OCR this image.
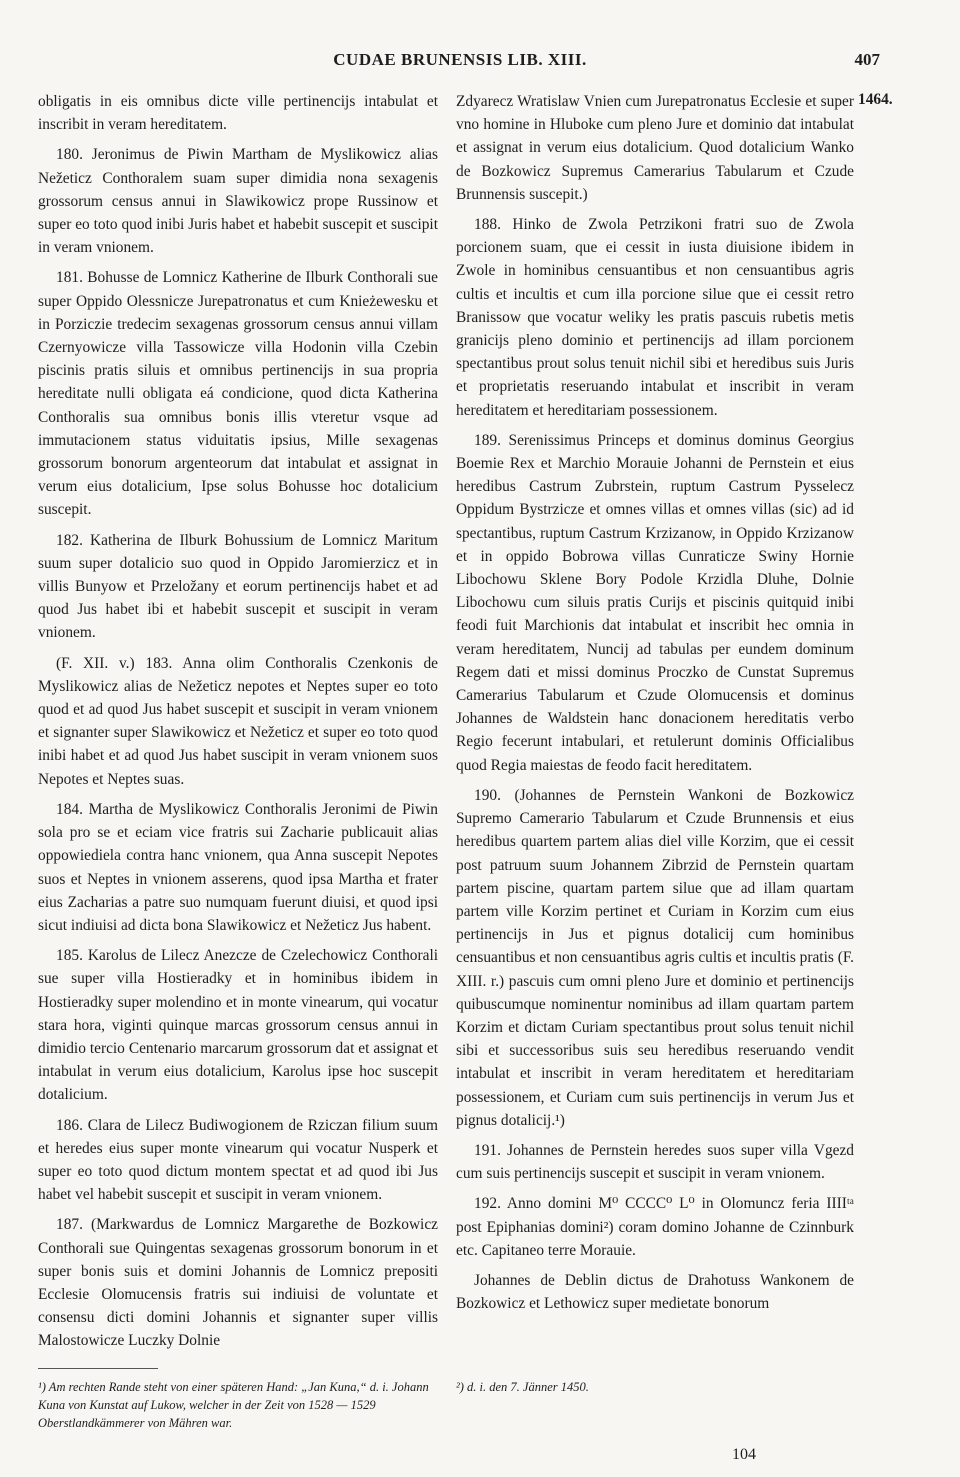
CUDAE BRUNENSIS LIB. XIII.	407
1464.

obligatis in eis omnibus dicte ville pertinencijs intabulat et inscribit in veram hereditatem.

180. Jeronimus de Piwin Martham de Myslikowicz alias Nežeticz Conthoralem suam super dimidia nona sexagenis grossorum census annui in Slawikowicz prope Russinow et super eo toto quod inibi Juris habet et habebit suscepit et suscipit in veram vnionem.

181. Bohusse de Lomnicz Katherine de Ilburk Conthorali sue super Oppido Olessnicze Jurepatronatus et cum Knieżewesku et in Porziczie tredecim sexagenas grossorum census annui villam Czernyowicze villa Tassowicze villa Hodonin villa Czebin piscinis pratis siluis et omnibus pertinencijs in sua propria hereditate nulli obligata eá condicione, quod dicta Katherina Conthoralis sua omnibus bonis illis vteretur vsque ad immutacionem status viduitatis ipsius, Mille sexagenas grossorum bonorum argenteorum dat intabulat et assignat in verum eius dotalicium, Ipse solus Bohusse hoc dotalicium suscepit.

182. Katherina de Ilburk Bohussium de Lomnicz Maritum suum super dotalicio suo quod in Oppido Jaromierzicz et in villis Bunyow et Przeložany et eorum pertinencijs habet et ad quod Jus habet ibi et habebit suscepit et suscipit in veram vnionem.

(F. XII. v.) 183. Anna olim Conthoralis Czenkonis de Myslikowicz alias de Nežeticz nepotes et Neptes super eo toto quod et ad quod Jus habet suscepit et suscipit in veram vnionem et signanter super Slawikowicz et Nežeticz et super eo toto quod inibi habet et ad quod Jus habet suscipit in veram vnionem suos Nepotes et Neptes suas.

184. Martha de Myslikowicz Conthoralis Jeronimi de Piwin sola pro se et eciam vice fratris sui Zacharie publicauit alias oppowiediela contra hanc vnionem, qua Anna suscepit Nepotes suos et Neptes in vnionem asserens, quod ipsa Martha et frater eius Zacharias a patre suo numquam fuerunt diuisi, et quod ipsi sicut indiuisi ad dicta bona Slawikowicz et Nežeticz Jus habent.

185. Karolus de Lilecz Anezcze de Czelechowicz Conthorali sue super villa Hostieradky et in hominibus ibidem in Hostieradky super molendino et in monte vinearum, qui vocatur stara hora, viginti quinque marcas grossorum census annui in dimidio tercio Centenario marcarum grossorum dat et assignat et intabulat in verum eius dotalicium, Karolus ipse hoc suscepit dotalicium.

186. Clara de Lilecz Budiwogionem de Rziczan filium suum et heredes eius super monte vinearum qui vocatur Nusperk et super eo toto quod dictum montem spectat et ad quod ibi Jus habet vel habebit suscepit et suscipit in veram vnionem.

187. (Markwardus de Lomnicz Margarethe de Bozkowicz Conthorali sue Quingentas sexagenas grossorum bonorum in et super bonis suis et domini Johannis de Lomnicz prepositi Ecclesie Olomucensis fratris sui indiuisi de voluntate et consensu dicti domini Johannis et signanter super villis Malostowicze Luczky Dolnie

Zdyarecz Wratislaw Vnien cum Jurepatronatus Ecclesie et super vno homine in Hluboke cum pleno Jure et dominio dat intabulat et assignat in verum eius dotalicium. Quod dotalicium Wanko de Bozkowicz Supremus Camerarius Tabularum et Czude Brunnensis suscepit.)

188. Hinko de Zwola Petrzikoni fratri suo de Zwola porcionem suam, que ei cessit in iusta diuisione ibidem in Zwole in hominibus censuantibus et non censuantibus agris cultis et incultis et cum illa porcione silue que ei cessit retro Branissow que vocatur weliky les pratis pascuis rubetis metis granicijs pleno dominio et pertinencijs ad illam porcionem spectantibus prout solus tenuit nichil sibi et heredibus suis Juris et proprietatis reseruando intabulat et inscribit in veram hereditatem et hereditariam possessionem.

189. Serenissimus Princeps et dominus dominus Georgius Boemie Rex et Marchio Morauie Johanni de Pernstein et eius heredibus Castrum Zubrstein, ruptum Castrum Pysselecz Oppidum Bystrzicze et omnes villas et omnes villas (sic) ad id spectantibus, ruptum Castrum Krzizanow, in Oppido Krzizanow et in oppido Bobrowa villas Cunraticze Swiny Hornie Libochowu Sklene Bory Podole Krzidla Dluhe, Dolnie Libochowu cum siluis pratis Curijs et piscinis quitquid inibi feodi fuit Marchionis dat intabulat et inscribit hec omnia in veram hereditatem, Nuncij ad tabulas per eundem dominum Regem dati et missi dominus Proczko de Cunstat Supremus Camerarius Tabularum et Czude Olomucensis et dominus Johannes de Waldstein hanc donacionem hereditatis verbo Regio fecerunt intabulari, et retulerunt dominis Officialibus quod Regia maiestas de feodo facit hereditatem.

190. (Johannes de Pernstein Wankoni de Bozkowicz Supremo Camerario Tabularum et Czude Brunnensis et eius heredibus quartem partem alias diel ville Korzim, que ei cessit post patruum suum Johannem Zibrzid de Pernstein quartam partem piscine, quartam partem silue que ad illam quartam partem ville Korzim pertinet et Curiam in Korzim cum eius pertinencijs in Jus et pignus dotalicij cum hominibus censuantibus et non censuantibus agris cultis et incultis pratis (F. XIII. r.) pascuis cum omni pleno Jure et dominio et pertinencijs quibuscumque nominentur nominibus ad illam quartam partem Korzim et dictam Curiam spectantibus prout solus tenuit nichil sibi et successoribus suis seu heredibus reseruando vendit intabulat et inscribit in veram hereditatem et hereditariam possessionem, et Curiam cum suis pertinencijs in verum Jus et pignus dotalicij.¹)

191. Johannes de Pernstein heredes suos super villa Vgezd cum suis pertinencijs suscepit et suscipit in veram vnionem.

192. Anno domini M⁰ CCCC⁰ L⁰ in Olomuncz feria IIIIᵗᵃ post Epiphanias domini²) coram domino Johanne de Czinnburk etc. Capitaneo terre Morauie.

Johannes de Deblin dictus de Drahotuss Wankonem de Bozkowicz et Lethowicz super medietate bonorum

¹) Am rechten Rande steht von einer späteren Hand: „Jan Kuna,“ d. i. Johann Kuna von Kunstat auf Lukow, welcher in der Zeit von 1528 — 1529 Oberstlandkämmerer von Mähren war.
²) d. i. den 7. Jänner 1450.
104
